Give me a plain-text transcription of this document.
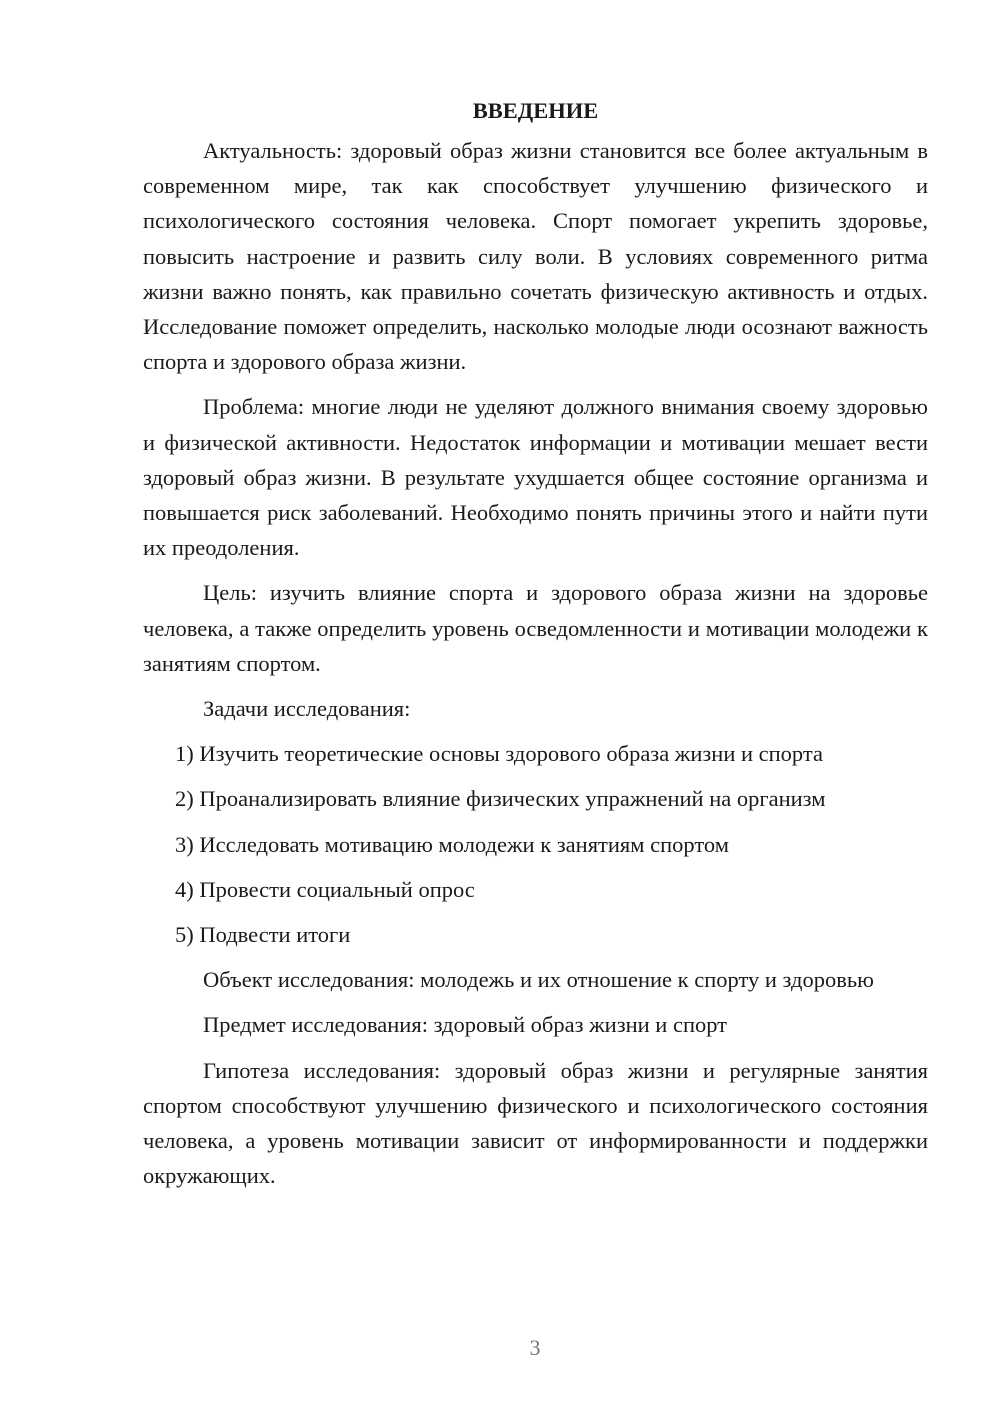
ВВЕДЕНИЕ

Актуальность: здоровый образ жизни становится все более актуальным в современном мире, так как способствует улучшению физического и психологического состояния человека. Спорт помогает укрепить здоровье, повысить настроение и развить силу воли. В условиях современного ритма жизни важно понять, как правильно сочетать физическую активность и отдых. Исследование поможет определить, насколько молодые люди осознают важность спорта и здорового образа жизни.

Проблема: многие люди не уделяют должного внимания своему здоровью и физической активности. Недостаток информации и мотивации мешает вести здоровый образ жизни. В результате ухудшается общее состояние организма и повышается риск заболеваний. Необходимо понять причины этого и найти пути их преодоления.

Цель: изучить влияние спорта и здорового образа жизни на здоровье человека, а также определить уровень осведомленности и мотивации молодежи к занятиям спортом.

Задачи исследования:
1) Изучить теоретические основы здорового образа жизни и спорта
2) Проанализировать влияние физических упражнений на организм
3) Исследовать мотивацию молодежи к занятиям спортом
4) Провести социальный опрос
5) Подвести итоги

Объект исследования: молодежь и их отношение к спорту и здоровью

Предмет исследования: здоровый образ жизни и спорт

Гипотеза исследования: здоровый образ жизни и регулярные занятия спортом способствуют улучшению физического и психологического состояния человека, а уровень мотивации зависит от информированности и поддержки окружающих.

3
